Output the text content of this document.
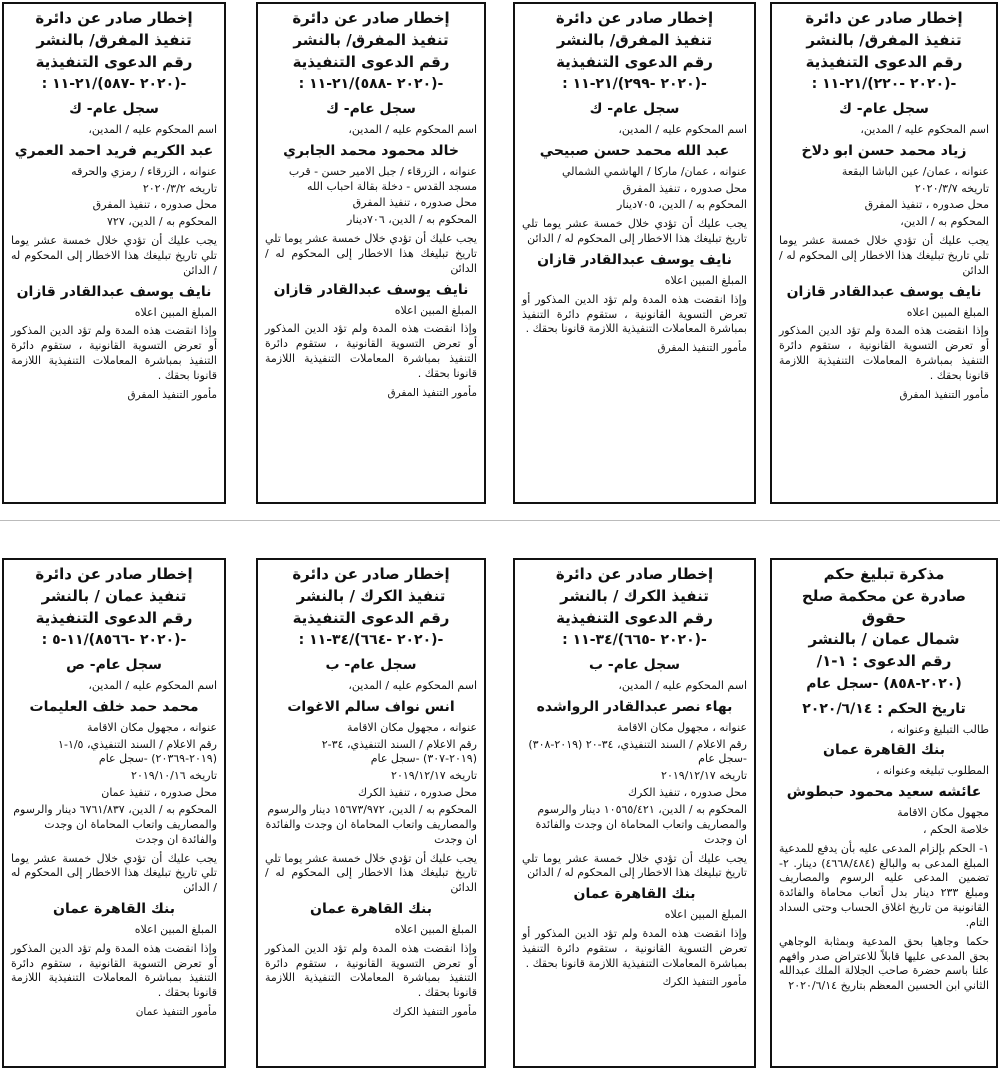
إخطار صادر عن دائرة
تنفيذ المفرق/ بالنشر
رقم الدعوى التنفيذية
-(٢٠٢٠ -٢٢٠)/٢١-١١ :
سجل عام- ك
اسم المحكوم عليه / المدين،
زياد محمد حسن ابو دلاخ
عنوانه ، عمان/ عين الباشا البقعة
تاريخه ٢٠٢٠/٣/٧
محل صدوره ، تنفيذ المفرق
المحكوم به / الدين،
يجب عليك أن تؤدي خلال خمسة عشر يوما تلي تاريخ تبليغك هذا الاخطار إلى المحكوم له / الدائن
نايف يوسف عبدالقادر قازان
المبلغ المبين اعلاه
وإذا انقضت هذه المدة ولم تؤد الدين المذكور أو تعرض التسوية القانونية ، ستقوم دائرة التنفيذ بمباشرة المعاملات التنفيذية اللازمة قانونا بحقك .
مأمور التنفيذ المفرق
إخطار صادر عن دائرة
تنفيذ المفرق/ بالنشر
رقم الدعوى التنفيذية
-(٢٠٢٠ -٢٩٩)/٢١-١١ :
سجل عام- ك
اسم المحكوم عليه / المدين،
عبد الله محمد حسن صبيحي
عنوانه ، عمان/ ماركا / الهاشمي الشمالي
محل صدوره ، تنفيذ المفرق
المحكوم به / الدين، ٧٠٥دينار
يجب عليك أن تؤدي خلال خمسة عشر يوما تلي تاريخ تبليغك هذا الاخطار إلى المحكوم له / الدائن
نايف يوسف عبدالقادر قازان
المبلغ المبين اعلاه
وإذا انقضت هذه المدة ولم تؤد الدين المذكور أو تعرض التسوية القانونية ، ستقوم دائرة التنفيذ بمباشرة المعاملات التنفيذية اللازمة قانونا بحقك .
مأمور التنفيذ المفرق
إخطار صادر عن دائرة
تنفيذ المفرق/ بالنشر
رقم الدعوى التنفيذية
-(٢٠٢٠ -٥٨٨)/٢١-١١ :
سجل عام- ك
اسم المحكوم عليه / المدين،
خالد محمود محمد الجابري
عنوانه ، الزرقاء / جبل الامير حسن - قرب مسجد القدس - دخلة بقالة احباب الله
محل صدوره ، تنفيذ المفرق
المحكوم به / الدين، ٧٠٦دينار
يجب عليك أن تؤدي خلال خمسة عشر يوما تلي تاريخ تبليغك هذا الاخطار إلى المحكوم له / الدائن
نايف يوسف عبدالقادر قازان
المبلغ المبين اعلاه
وإذا انقضت هذه المدة ولم تؤد الدين المذكور أو تعرض التسوية القانونية ، ستقوم دائرة التنفيذ بمباشرة المعاملات التنفيذية اللازمة قانونا بحقك .
مأمور التنفيذ المفرق
إخطار صادر عن دائرة
تنفيذ المفرق/ بالنشر
رقم الدعوى التنفيذية
-(٢٠٢٠ -٥٨٧)/٢١-١١ :
سجل عام- ك
اسم المحكوم عليه / المدين،
عبد الكريم فريد احمد العمري
عنوانه ، الزرقاء / رمزي والحرقه
تاريخه ٢٠٢٠/٣/٢
محل صدوره ، تنفيذ المفرق
المحكوم به / الدين، ٧٢٧
يجب عليك أن تؤدي خلال خمسة عشر يوما تلي تاريخ تبليغك هذا الاخطار إلى المحكوم له / الدائن
نايف يوسف عبدالقادر قازان
المبلغ المبين اعلاه
وإذا انقضت هذه المدة ولم تؤد الدين المذكور أو تعرض التسوية القانونية ، ستقوم دائرة التنفيذ بمباشرة المعاملات التنفيذية اللازمة قانونا بحقك .
مأمور التنفيذ المفرق
مذكرة تبليغ حكم
صادرة عن محكمة صلح حقوق
شمال عمان / بالنشر
رقم الدعوى : ١-١/
(٢٠٢٠-٨٥٨) -سجل عام
تاريخ الحكم : ٢٠٢٠/٦/١٤
طالب التبليغ وعنوانه ،
بنك القاهرة عمان
المطلوب تبليغه وعنوانه ،
عائشه سعيد محمود حبطوش
مجهول مكان الاقامة
خلاصة الحكم ،
١- الحكم بإلزام المدعى عليه بأن يدفع للمدعية المبلغ المدعى به والبالغ (٤٦٦٨/٤٨٤) دينار. ٢- تضمين المدعى عليه الرسوم والمصاريف ومبلغ ٢٣٣ دينار بدل أتعاب محاماة والفائدة القانونية من تاريخ اغلاق الحساب وحتى السداد التام.
حكما وجاهيا بحق المدعية وبمثابة الوجاهي بحق المدعى عليها قابلاً للاعتراض صدر وافهم علنا باسم حضرة صاحب الجلالة الملك عبدالله الثاني ابن الحسين المعظم بتاريخ ٢٠٢٠/٦/١٤
إخطار صادر عن دائرة
تنفيذ الكرك / بالنشر
رقم الدعوى التنفيذية
-(٢٠٢٠ -٦٦٥)/٣٤-١١ :
سجل عام- ب
اسم المحكوم عليه / المدين،
بهاء نصر عبدالقادر الرواشده
عنوانه ، مجهول مكان الاقامة
رقم الاعلام / السند التنفيذي، ٣٤-٢٠ (٢٠١٩-٣٠٨) -سجل عام
تاريخه ٢٠١٩/١٢/١٧
محل صدوره ، تنفيذ الكرك
المحكوم به / الدين، ١٠٥٦٥/٤٢١ دينار والرسوم والمصاريف واتعاب المحاماة ان وجدت والفائدة ان وجدت
يجب عليك أن تؤدي خلال خمسة عشر يوما تلي تاريخ تبليغك هذا الاخطار إلى المحكوم له / الدائن
بنك القاهرة عمان
المبلغ المبين اعلاه
وإذا انقضت هذه المدة ولم تؤد الدين المذكور أو تعرض التسوية القانونية ، ستقوم دائرة التنفيذ بمباشرة المعاملات التنفيذية اللازمة قانونا بحقك .
مأمور التنفيذ الكرك
إخطار صادر عن دائرة
تنفيذ الكرك / بالنشر
رقم الدعوى التنفيذية
-(٢٠٢٠ -٦٦٤)/٣٤-١١ :
سجل عام- ب
اسم المحكوم عليه / المدين،
انس نواف سالم الاغوات
عنوانه ، مجهول مكان الاقامة
رقم الاعلام / السند التنفيذي، ٣٤-٢ (٢٠١٩-٣٠٧) -سجل عام
تاريخه ٢٠١٩/١٢/١٧
محل صدوره ، تنفيذ الكرك
المحكوم به / الدين، ١٥٦٧٣/٩٧٢ دينار والرسوم والمصاريف واتعاب المحاماة ان وجدت والفائدة ان وجدت
يجب عليك أن تؤدي خلال خمسة عشر يوما تلي تاريخ تبليغك هذا الاخطار إلى المحكوم له / الدائن
بنك القاهرة عمان
المبلغ المبين اعلاه
وإذا انقضت هذه المدة ولم تؤد الدين المذكور أو تعرض التسوية القانونية ، ستقوم دائرة التنفيذ بمباشرة المعاملات التنفيذية اللازمة قانونا بحقك .
مأمور التنفيذ الكرك
إخطار صادر عن دائرة
تنفيذ عمان / بالنشر
رقم الدعوى التنفيذية
-(٢٠٢٠ -٨٥٦٦)/١١-٥ :
سجل عام- ص
اسم المحكوم عليه / المدين،
محمد حمد خلف العليمات
عنوانه ، مجهول مكان الاقامة
رقم الاعلام / السند التنفيذي، ١/٥-١ (٢٠١٩-٢٠٣٦٩) -سجل عام
تاريخه ٢٠١٩/١٠/١٦
محل صدوره ، تنفيذ عمان
المحكوم به / الدين، ٦٧٦١/٨٣٧ دينار والرسوم والمصاريف واتعاب المحاماة ان وجدت والفائدة ان وجدت
يجب عليك أن تؤدي خلال خمسة عشر يوما تلي تاريخ تبليغك هذا الاخطار إلى المحكوم له / الدائن
بنك القاهرة عمان
المبلغ المبين اعلاه
وإذا انقضت هذه المدة ولم تؤد الدين المذكور أو تعرض التسوية القانونية ، ستقوم دائرة التنفيذ بمباشرة المعاملات التنفيذية اللازمة قانونا بحقك .
مأمور التنفيذ عمان
